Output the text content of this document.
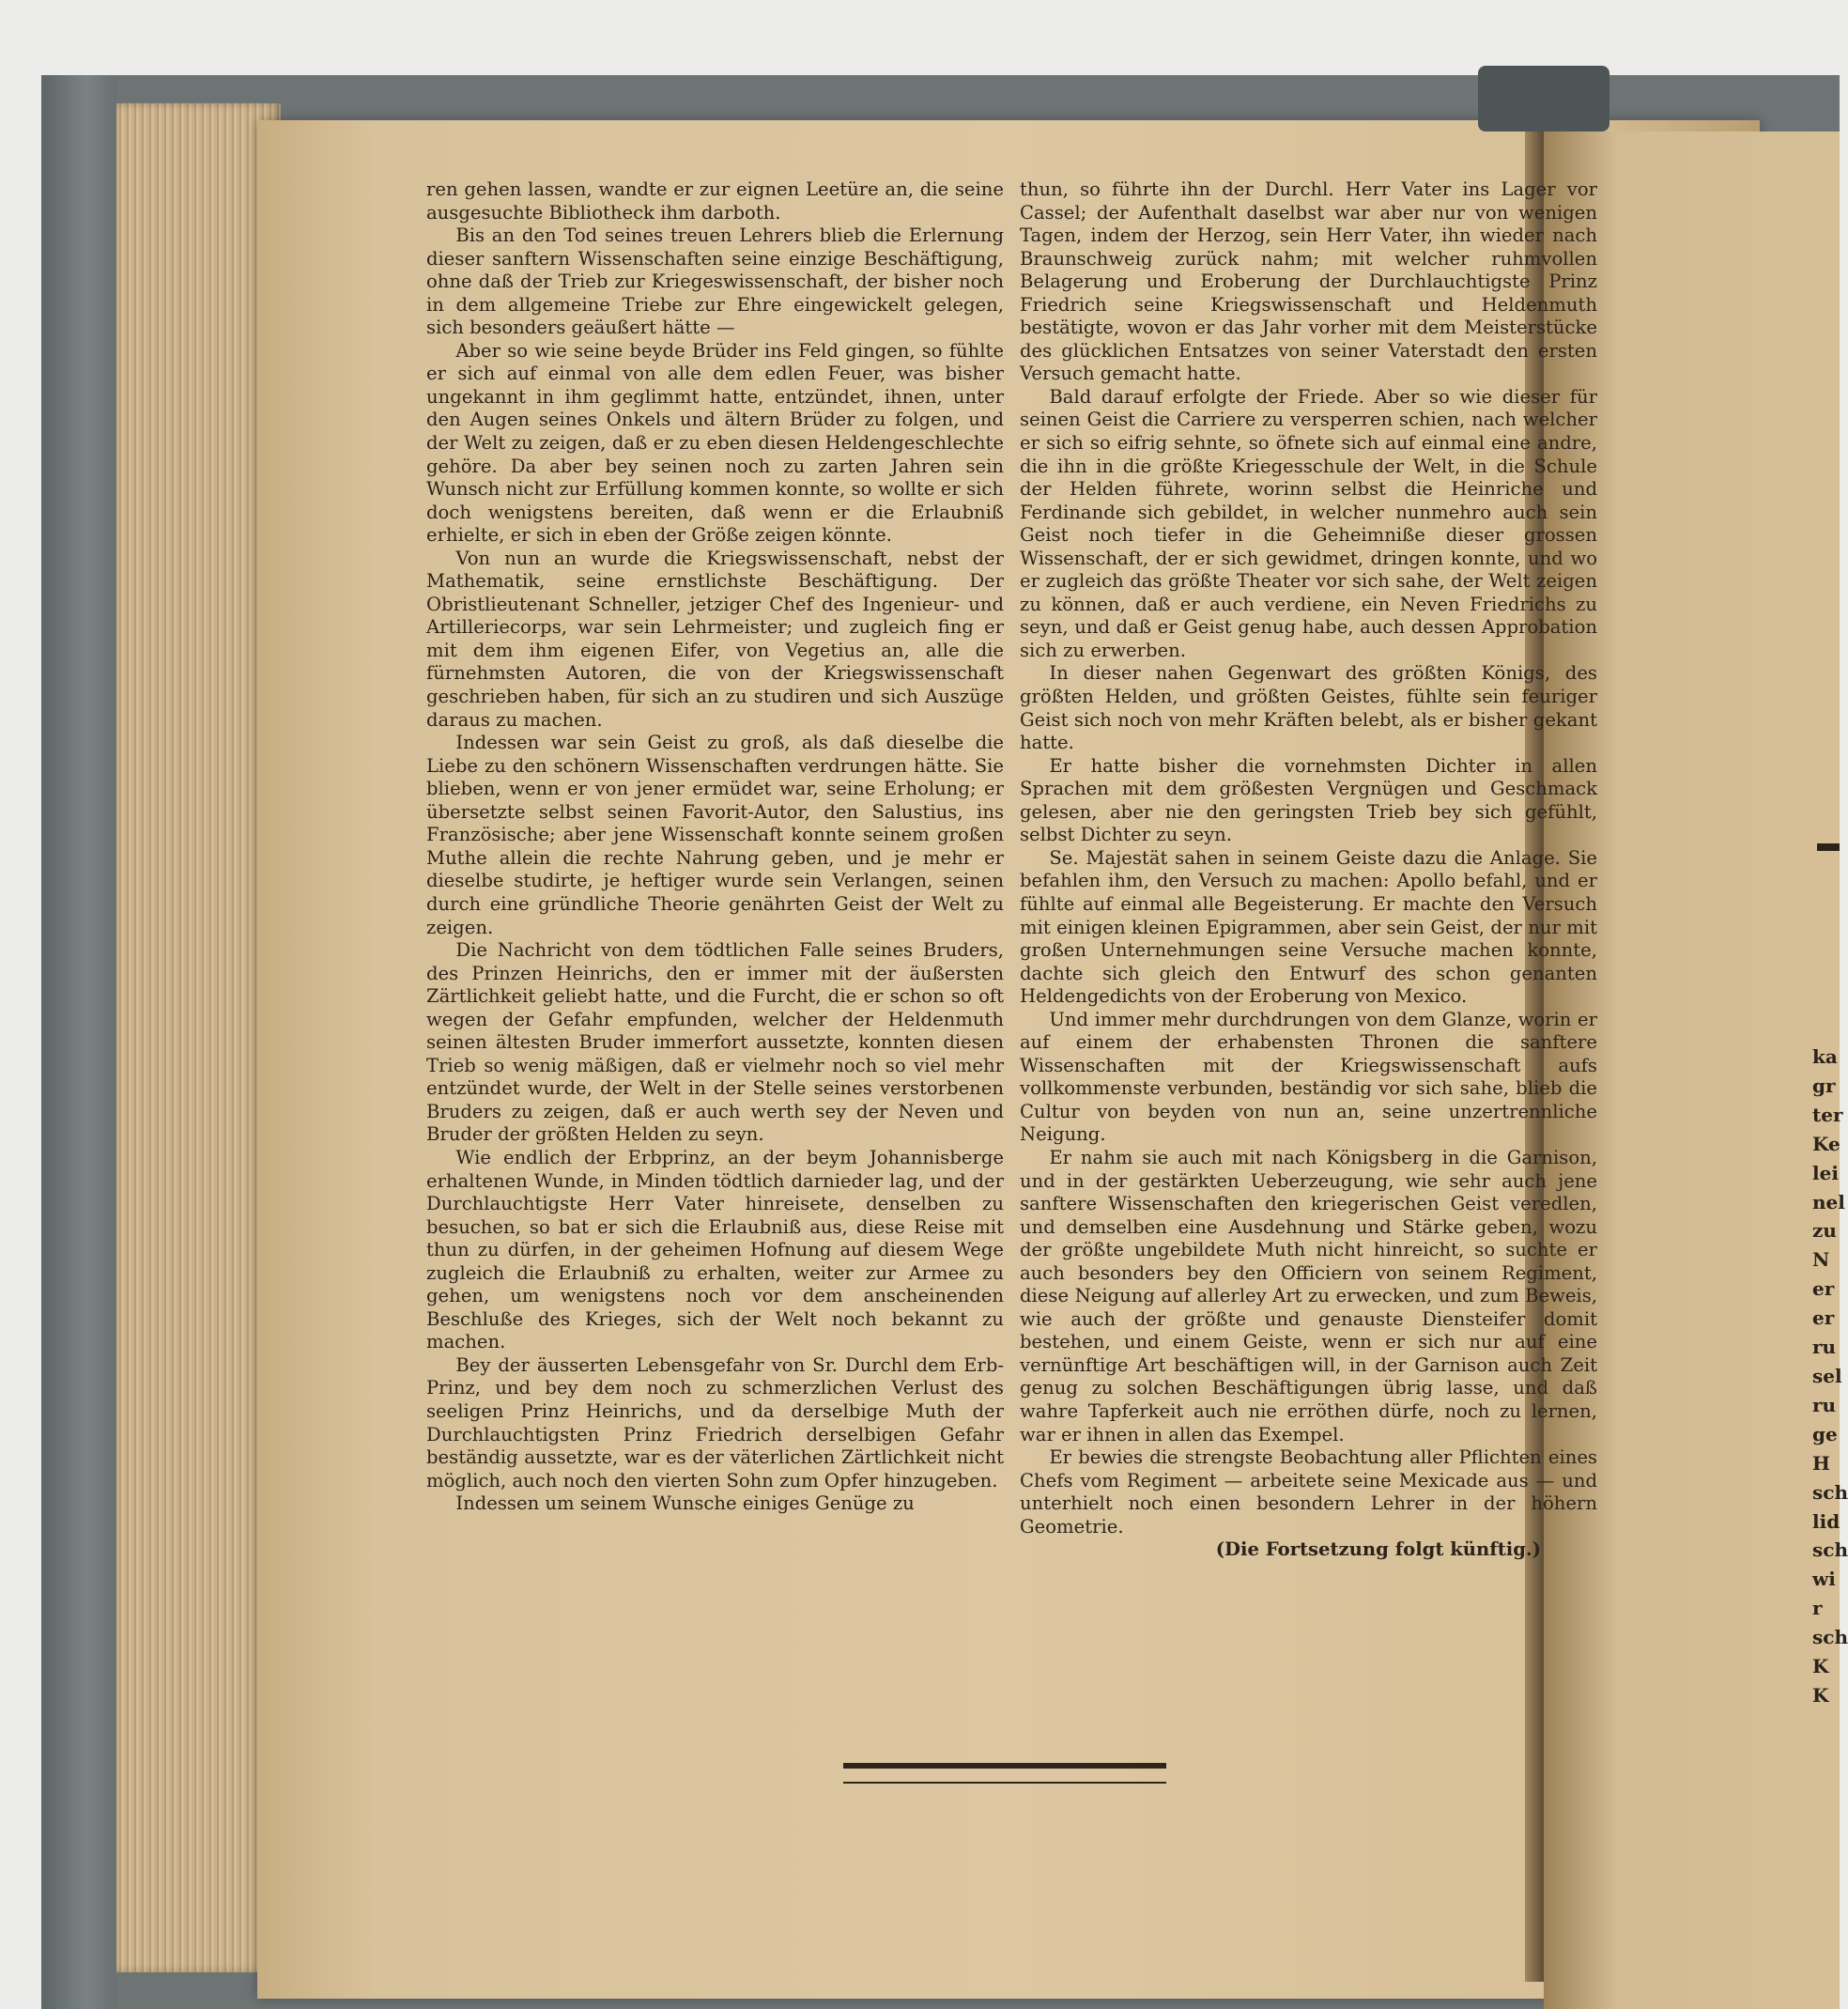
ren gehen lassen, wandte er zur eignen Leetüre an, die seine ausgesuchte Bibliotheck ihm darboth.

Bis an den Tod seines treuen Lehrers blieb die Erlernung dieser sanftern Wissenschaften seine einzige Beschäftigung, ohne daß der Trieb zur Kriegeswissenschaft, der bisher noch in dem allgemeine Triebe zur Ehre eingewickelt gelegen, sich besonders geäußert hätte —

Aber so wie seine beyde Brüder ins Feld gingen, so fühlte er sich auf einmal von alle dem edlen Feuer, was bisher ungekannt in ihm geglimmt hatte, entzündet, ihnen, unter den Augen seines Onkels und ältern Brüder zu folgen, und der Welt zu zeigen, daß er zu eben diesen Heldengeschlechte gehöre. Da aber bey seinen noch zu zarten Jahren sein Wunsch nicht zur Erfüllung kommen konnte, so wollte er sich doch wenigstens bereiten, daß wenn er die Erlaubniß erhielte, er sich in eben der Größe zeigen könnte.

Von nun an wurde die Kriegswissenschaft, nebst der Mathematik, seine ernstlichste Beschäftigung. Der Obristlieutenant Schneller, jetziger Chef des Ingenieur- und Artilleriecorps, war sein Lehrmeister; und zugleich fing er mit dem ihm eigenen Eifer, von Vegetius an, alle die fürnehmsten Autoren, die von der Kriegswissenschaft geschrieben haben, für sich an zu studiren und sich Auszüge daraus zu machen.

Indessen war sein Geist zu groß, als daß dieselbe die Liebe zu den schönern Wissenschaften verdrungen hätte. Sie blieben, wenn er von jener ermüdet war, seine Erholung; er übersetzte selbst seinen Favorit-Autor, den Salustius, ins Französische; aber jene Wissenschaft konnte seinem großen Muthe allein die rechte Nahrung geben, und je mehr er dieselbe studirte, je heftiger wurde sein Verlangen, seinen durch eine gründliche Theorie genährten Geist der Welt zu zeigen.

Die Nachricht von dem tödtlichen Falle seines Bruders, des Prinzen Heinrichs, den er immer mit der äußersten Zärtlichkeit geliebt hatte, und die Furcht, die er schon so oft wegen der Gefahr empfunden, welcher der Heldenmuth seinen ältesten Bruder immerfort aussetzte, konnten diesen Trieb so wenig mäßigen, daß er vielmehr noch so viel mehr entzündet wurde, der Welt in der Stelle seines verstorbenen Bruders zu zeigen, daß er auch werth sey der Neven und Bruder der größten Helden zu seyn.

Wie endlich der Erbprinz, an der beym Johannisberge erhaltenen Wunde, in Minden tödtlich darnieder lag, und der Durchlauchtigste Herr Vater hinreisete, denselben zu besuchen, so bat er sich die Erlaubniß aus, diese Reise mit thun zu dürfen, in der geheimen Hofnung auf diesem Wege zugleich die Erlaubniß zu erhalten, weiter zur Armee zu gehen, um wenigstens noch vor dem anscheinenden Beschluße des Krieges, sich der Welt noch bekannt zu machen.

Bey der äusserten Lebensgefahr von Sr. Durchl dem Erb-Prinz, und bey dem noch zu schmerzlichen Verlust des seeligen Prinz Heinrichs, und da derselbige Muth der Durchlauchtigsten Prinz Friedrich derselbigen Gefahr beständig aussetzte, war es der väterlichen Zärtlichkeit nicht möglich, auch noch den vierten Sohn zum Opfer hinzugeben.

Indessen um seinem Wunsche einiges Genüge zu

thun, so führte ihn der Durchl. Herr Vater ins Lager vor Cassel; der Aufenthalt daselbst war aber nur von wenigen Tagen, indem der Herzog, sein Herr Vater, ihn wieder nach Braunschweig zurück nahm; mit welcher ruhmvollen Belagerung und Eroberung der Durchlauchtigste Prinz Friedrich seine Kriegswissenschaft und Heldenmuth bestätigte, wovon er das Jahr vorher mit dem Meisterstücke des glücklichen Entsatzes von seiner Vaterstadt den ersten Versuch gemacht hatte.

Bald darauf erfolgte der Friede. Aber so wie dieser für seinen Geist die Carriere zu versperren schien, nach welcher er sich so eifrig sehnte, so öfnete sich auf einmal eine andre, die ihn in die größte Kriegesschule der Welt, in die Schule der Helden führete, worinn selbst die Heinriche und Ferdinande sich gebildet, in welcher nunmehro auch sein Geist noch tiefer in die Geheimniße dieser grossen Wissenschaft, der er sich gewidmet, dringen konnte, und wo er zugleich das größte Theater vor sich sahe, der Welt zeigen zu können, daß er auch verdiene, ein Neven Friedrichs zu seyn, und daß er Geist genug habe, auch dessen Approbation sich zu erwerben.

In dieser nahen Gegenwart des größten Königs, des größten Helden, und größten Geistes, fühlte sein feuriger Geist sich noch von mehr Kräften belebt, als er bisher gekant hatte.

Er hatte bisher die vornehmsten Dichter in allen Sprachen mit dem größesten Vergnügen und Geschmack gelesen, aber nie den geringsten Trieb bey sich gefühlt, selbst Dichter zu seyn.

Se. Majestät sahen in seinem Geiste dazu die Anlage. Sie befahlen ihm, den Versuch zu machen: Apollo befahl, und er fühlte auf einmal alle Begeisterung. Er machte den Versuch mit einigen kleinen Epigrammen, aber sein Geist, der nur mit großen Unternehmungen seine Versuche machen konnte, dachte sich gleich den Entwurf des schon genanten Heldengedichts von der Eroberung von Mexico.

Und immer mehr durchdrungen von dem Glanze, worin er auf einem der erhabensten Thronen die sanftere Wissenschaften mit der Kriegswissenschaft aufs vollkommenste verbunden, beständig vor sich sahe, blieb die Cultur von beyden von nun an, seine unzertrennliche Neigung.

Er nahm sie auch mit nach Königsberg in die Garnison, und in der gestärkten Ueberzeugung, wie sehr auch jene sanftere Wissenschaften den kriegerischen Geist veredlen, und demselben eine Ausdehnung und Stärke geben, wozu der größte ungebildete Muth nicht hinreicht, so suchte er auch besonders bey den Officiern von seinem Regiment, diese Neigung auf allerley Art zu erwecken, und zum Beweis, wie auch der größte und genauste Diensteifer domit bestehen, und einem Geiste, wenn er sich nur auf eine vernünftige Art beschäftigen will, in der Garnison auch Zeit genug zu solchen Beschäftigungen übrig lasse, und daß wahre Tapferkeit auch nie erröthen dürfe, noch zu lernen, war er ihnen in allen das Exempel.

Er bewies die strengste Beobachtung aller Pflichten eines Chefs vom Regiment — arbeitete seine Mexicade aus — und unterhielt noch einen besondern Lehrer in der höhern Geometrie.

(Die Fortsetzung folgt künftig.)

ka
gr
ter
Ke
lei
nel
zu
N
er
er
ru
sel
ru
ge
H
sch
lid
sch
wi
r
sch
K
K
